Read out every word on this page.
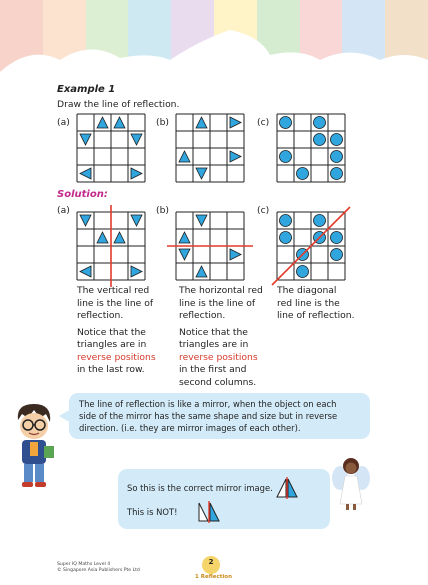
Example 1
Draw the line of reflection.
(a)	(b)	(c)
Solution:
(a)	(b)	(c)
The vertical red
line is the line of
reflection.
Notice that the
triangles are in
reverse positions
in the last row.
The horizontal red
line is the line of
reflection.
Notice that the
triangles are in
reverse positions
in the first and
second columns.
The diagonal
red line is the
line of reflection.
The line of reflection is like a mirror, when the object on each
side of the mirror has the same shape and size but in reverse
direction. (i.e. they are mirror images of each other).
So this is the correct mirror image.
This is NOT!
Super IQ Maths Level 4
© Singapore Asia Publishers Pte Ltd
2
1 Reflection
